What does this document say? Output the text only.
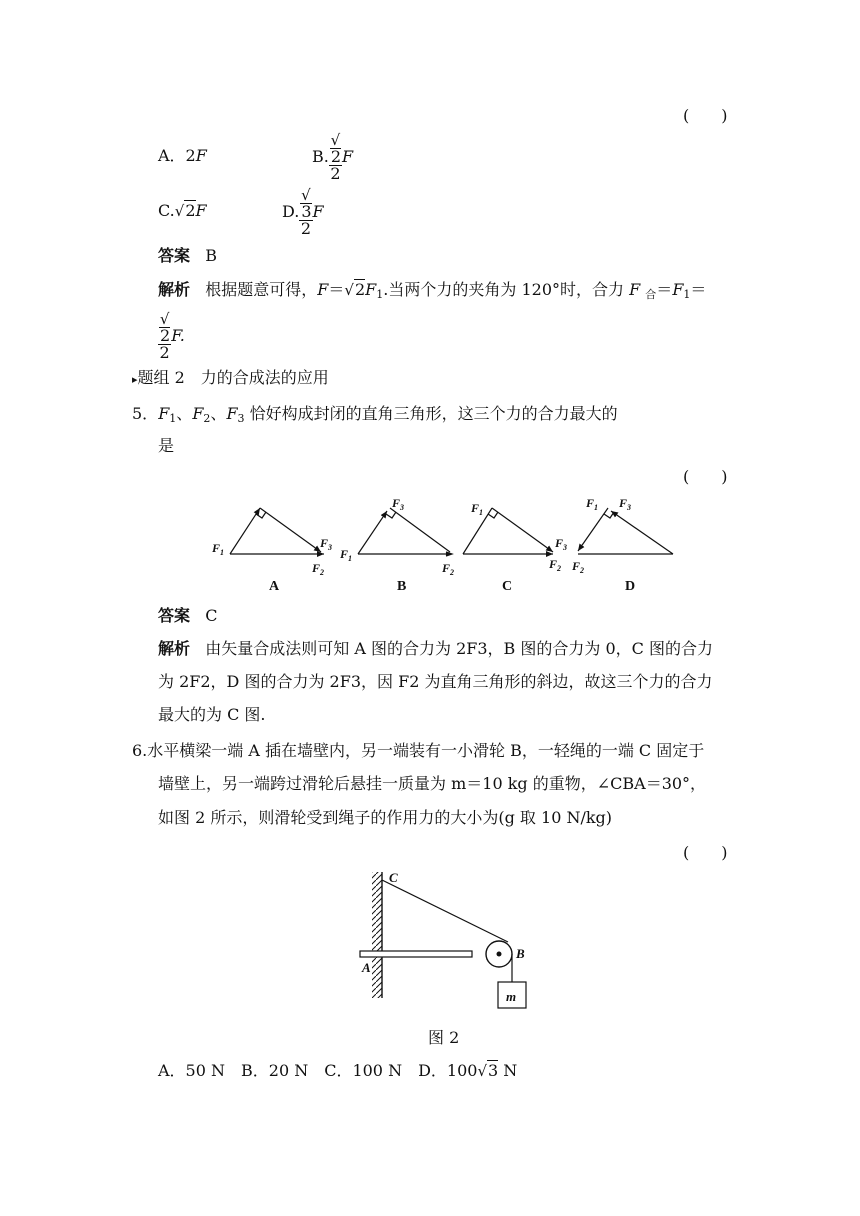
(　　)
A．2F	B. √
2
2 F
C.√2F	D. √
3
2 F
答案 B
解析 根据题意可得，$F=√2F_1$.当两个力的夹角为 120°时，合力 F $_合=F_1=$
√
2
2 F.
▸题组 2　力的合成法的应用
5．$F_1$、$F_2$、$F_3$ 恰好构成封闭的直角三角形，这三个力的合力最大的
是
(　　)
$F_1$
$F_3$
$F_2$
$F_1$
$F_3$
$F_2$
$F_1$
$F_3$
$F_2$
$F_1$ $F_3$
$F_2$
A	B	C	D
答案 C
解析 由矢量合成法则可知 A 图的合力为 2F3，B 图的合力为 0，C 图的合力
为 2F2，D 图的合力为 2F3，因 F2 为直角三角形的斜边，故这三个力的合力
最大的为 C 图.
6.水平横梁一端 A 插在墙壁内，另一端装有一小滑轮 B，一轻绳的一端 C 固定于
墙壁上，另一端跨过滑轮后悬挂一质量为 m＝10 kg 的重物，∠CBA＝30°，
如图 2 所示，则滑轮受到绳子的作用力的大小为(g 取 10 N/kg)
(　　)
C
A
B
m
图 2
A．50 N　B．20 N　C．100 N　D．100√3 N
